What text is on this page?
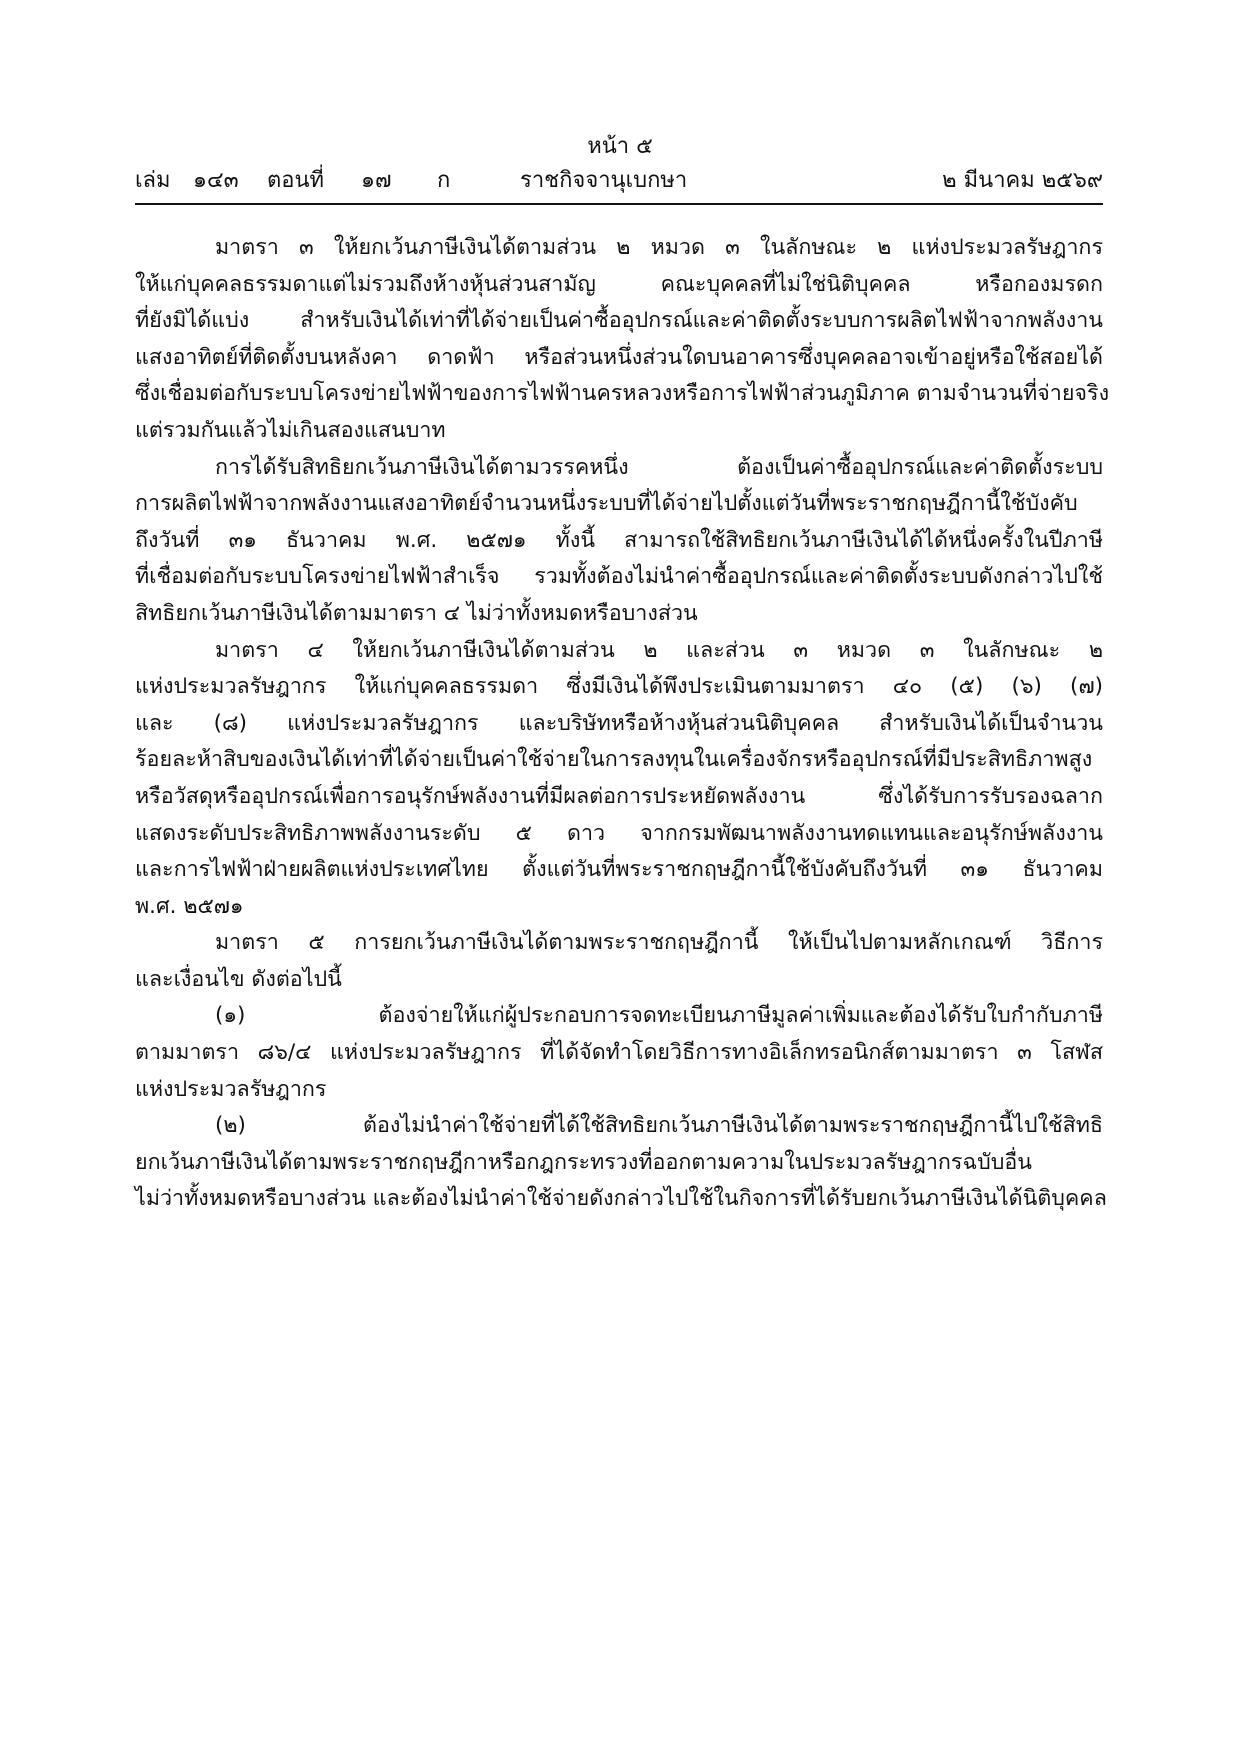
หน้า ๕
เล่ม ๑๔๓ ตอนที่ ๑๗ ก	ราชกิจจานุเบกษา	๒ มีนาคม ๒๕๖๙
มาตรา ๓ ให้ยกเว้นภาษีเงินได้ตามส่วน ๒ หมวด ๓ ในลักษณะ ๒ แห่งประมวลรัษฎากร
ให้แก่บุคคลธรรมดาแต่ไม่รวมถึงห้างหุ้นส่วนสามัญ คณะบุคคลที่ไม่ใช่นิติบุคคล หรือกองมรดก
ที่ยังมิได้แบ่ง สำหรับเงินได้เท่าที่ได้จ่ายเป็นค่าซื้ออุปกรณ์และค่าติดตั้งระบบการผลิตไฟฟ้าจากพลังงาน
แสงอาทิตย์ที่ติดตั้งบนหลังคา ดาดฟ้า หรือส่วนหนึ่งส่วนใดบนอาคารซึ่งบุคคลอาจเข้าอยู่หรือใช้สอยได้
ซึ่งเชื่อมต่อกับระบบโครงข่ายไฟฟ้าของการไฟฟ้านครหลวงหรือการไฟฟ้าส่วนภูมิภาค ตามจำนวนที่จ่ายจริง
แต่รวมกันแล้วไม่เกินสองแสนบาท
การได้รับสิทธิยกเว้นภาษีเงินได้ตามวรรคหนึ่ง ต้องเป็นค่าซื้ออุปกรณ์และค่าติดตั้งระบบ
การผลิตไฟฟ้าจากพลังงานแสงอาทิตย์จำนวนหนึ่งระบบที่ได้จ่ายไปตั้งแต่วันที่พระราชกฤษฎีกานี้ใช้บังคับ
ถึงวันที่ ๓๑ ธันวาคม พ.ศ. ๒๕๗๑ ทั้งนี้ สามารถใช้สิทธิยกเว้นภาษีเงินได้ได้หนึ่งครั้งในปีภาษี
ที่เชื่อมต่อกับระบบโครงข่ายไฟฟ้าสำเร็จ รวมทั้งต้องไม่นำค่าซื้ออุปกรณ์และค่าติดตั้งระบบดังกล่าวไปใช้
สิทธิยกเว้นภาษีเงินได้ตามมาตรา ๔ ไม่ว่าทั้งหมดหรือบางส่วน
มาตรา ๔ ให้ยกเว้นภาษีเงินได้ตามส่วน ๒ และส่วน ๓ หมวด ๓ ในลักษณะ ๒
แห่งประมวลรัษฎากร ให้แก่บุคคลธรรมดา ซึ่งมีเงินได้พึงประเมินตามมาตรา ๔๐ (๕) (๖) (๗)
และ (๘) แห่งประมวลรัษฎากร และบริษัทหรือห้างหุ้นส่วนนิติบุคคล สำหรับเงินได้เป็นจำนวน
ร้อยละห้าสิบของเงินได้เท่าที่ได้จ่ายเป็นค่าใช้จ่ายในการลงทุนในเครื่องจักรหรืออุปกรณ์ที่มีประสิทธิภาพสูง
หรือวัสดุหรืออุปกรณ์เพื่อการอนุรักษ์พลังงานที่มีผลต่อการประหยัดพลังงาน ซึ่งได้รับการรับรองฉลาก
แสดงระดับประสิทธิภาพพลังงานระดับ ๕ ดาว จากกรมพัฒนาพลังงานทดแทนและอนุรักษ์พลังงาน
และการไฟฟ้าฝ่ายผลิตแห่งประเทศไทย ตั้งแต่วันที่พระราชกฤษฎีกานี้ใช้บังคับถึงวันที่ ๓๑ ธันวาคม
พ.ศ. ๒๕๗๑
มาตรา ๕ การยกเว้นภาษีเงินได้ตามพระราชกฤษฎีกานี้ ให้เป็นไปตามหลักเกณฑ์ วิธีการ
และเงื่อนไข ดังต่อไปนี้
(๑) ต้องจ่ายให้แก่ผู้ประกอบการจดทะเบียนภาษีมูลค่าเพิ่มและต้องได้รับใบกำกับภาษี
ตามมาตรา ๘๖/๔ แห่งประมวลรัษฎากร ที่ได้จัดทำโดยวิธีการทางอิเล็กทรอนิกส์ตามมาตรา ๓ โสฬส
แห่งประมวลรัษฎากร
(๒) ต้องไม่นำค่าใช้จ่ายที่ได้ใช้สิทธิยกเว้นภาษีเงินได้ตามพระราชกฤษฎีกานี้ไปใช้สิทธิ
ยกเว้นภาษีเงินได้ตามพระราชกฤษฎีกาหรือกฎกระทรวงที่ออกตามความในประมวลรัษฎากรฉบับอื่น
ไม่ว่าทั้งหมดหรือบางส่วน และต้องไม่นำค่าใช้จ่ายดังกล่าวไปใช้ในกิจการที่ได้รับยกเว้นภาษีเงินได้นิติบุคคล
